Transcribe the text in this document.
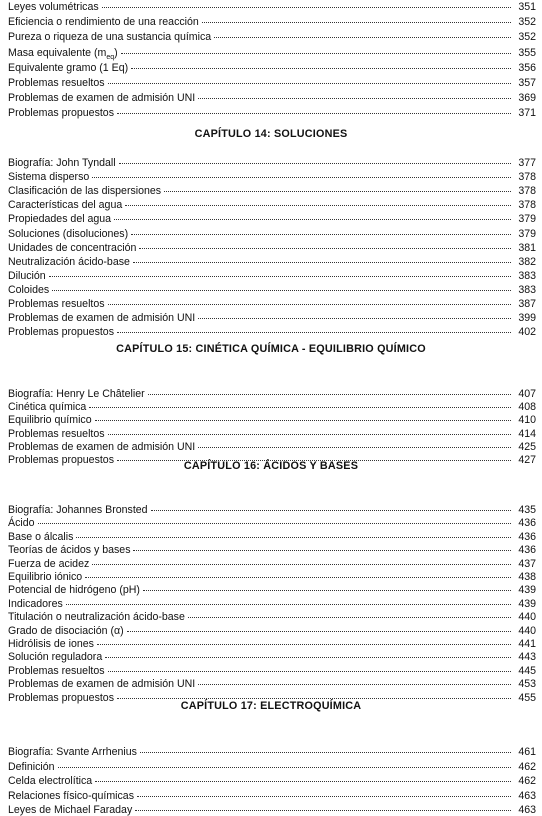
Leyes volumétricas	351
Eficiencia o rendimiento de una reacción	352
Pureza o riqueza de una sustancia química	352
Masa equivalente $(m_{eq})$	355
Equivalente gramo (1 Eq)	356
Problemas resueltos	357
Problemas de examen de admisión UNI	369
Problemas propuestos	371
CAPÍTULO 14: SOLUCIONES
Biografía: John Tyndall	377
Sistema disperso	378
Clasificación de las dispersiones	378
Características del agua	378
Propiedades del agua	379
Soluciones (disoluciones)	379
Unidades de concentración	381
Neutralización ácido-base	382
Dilución	383
Coloides	383
Problemas resueltos	387
Problemas de examen de admisión UNI	399
Problemas propuestos	402
CAPÍTULO 15: CINÉTICA QUÍMICA - EQUILIBRIO QUÍMICO
Biografía: Henry Le Châtelier	407
Cinética química	408
Equilibrio químico	410
Problemas resueltos	414
Problemas de examen de admisión UNI	425
Problemas propuestos	427
CAPÍTULO 16: ÁCIDOS Y BASES
Biografía: Johannes Bronsted	435
Ácido	436
Base o álcalis	436
Teorías de ácidos y bases	436
Fuerza de acidez	437
Equilibrio iónico	438
Potencial de hidrógeno (pH)	439
Indicadores	439
Titulación o neutralización ácido-base	440
Grado de disociación (α)	440
Hidrólisis de iones	441
Solución reguladora	443
Problemas resueltos	445
Problemas de examen de admisión UNI	453
Problemas propuestos	455
CAPÍTULO 17: ELECTROQUÍMICA
Biografía: Svante Arrhenius	461
Definición	462
Celda electrolítica	462
Relaciones físico-químicas	463
Leyes de Michael Faraday	463
